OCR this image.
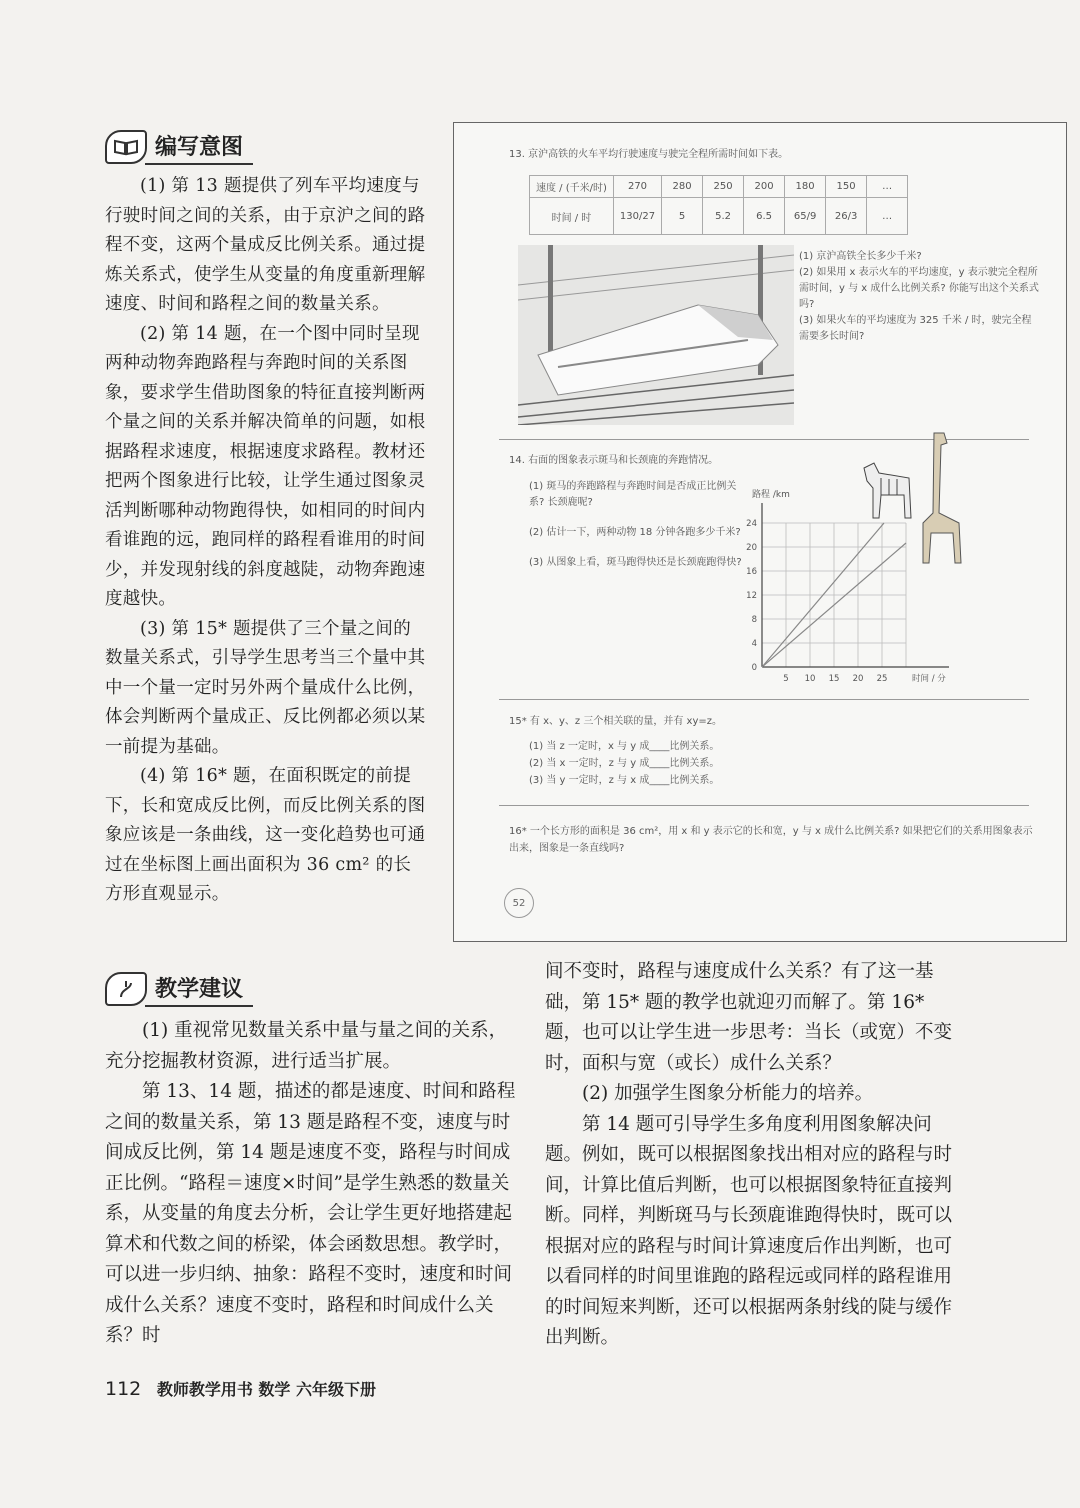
编写意图

(1) 第 13 题提供了列车平均速度与行驶时间之间的关系，由于京沪之间的路程不变，这两个量成反比例关系。通过提炼关系式，使学生从变量的角度重新理解速度、时间和路程之间的数量关系。

(2) 第 14 题，在一个图中同时呈现两种动物奔跑路程与奔跑时间的关系图象，要求学生借助图象的特征直接判断两个量之间的关系并解决简单的问题，如根据路程求速度，根据速度求路程。教材还把两个图象进行比较，让学生通过图象灵活判断哪种动物跑得快，如相同的时间内看谁跑的远，跑同样的路程看谁用的时间少，并发现射线的斜度越陡，动物奔跑速度越快。

(3) 第 15* 题提供了三个量之间的数量关系式，引导学生思考当三个量中其中一个量一定时另外两个量成什么比例，体会判断两个量成正、反比例都必须以某一前提为基础。

(4) 第 16* 题，在面积既定的前提下，长和宽成反比例，而反比例关系的图象应该是一条曲线，这一变化趋势也可通过在坐标图上画出面积为 36 cm² 的长方形直观显示。

13. 京沪高铁的火车平均行驶速度与驶完全程所需时间如下表。
速度 / (千米/时)	270	280	250	200	180	150	…
时间 / 时	130/27	5	5.2	6.5	65/9	26/3	…
(1) 京沪高铁全长多少千米?
(2) 如果用 x 表示火车的平均速度，y 表示驶完全程所需时间，y 与 x 成什么比例关系? 你能写出这个关系式吗?
(3) 如果火车的平均速度为 325 千米 / 时，驶完全程需要多长时间?
14. 右面的图象表示斑马和长颈鹿的奔跑情况。
(1) 斑马的奔跑路程与奔跑时间是否成正比例关系? 长颈鹿呢?
(2) 估计一下，两种动物 18 分钟各跑多少千米?
(3) 从图象上看，斑马跑得快还是长颈鹿跑得快?
路程 /km
24
20
16
12
8
4
0
5 10 15 20 25	时间 / 分
15* 有 x、y、z 三个相关联的量，并有 xy=z。
(1) 当 z 一定时，x 与 y 成____比例关系。
(2) 当 x 一定时，z 与 y 成____比例关系。
(3) 当 y 一定时，z 与 x 成____比例关系。
16* 一个长方形的面积是 36 cm²，用 x 和 y 表示它的长和宽，y 与 x 成什么比例关系? 如果把它们的关系用图象表示出来，图象是一条直线吗?
52
教学建议

(1) 重视常见数量关系中量与量之间的关系，充分挖掘教材资源，进行适当扩展。

第 13、14 题，描述的都是速度、时间和路程之间的数量关系，第 13 题是路程不变，速度与时间成反比例，第 14 题是速度不变，路程与时间成正比例。“路程＝速度×时间”是学生熟悉的数量关系，从变量的角度去分析，会让学生更好地搭建起算术和代数之间的桥梁，体会函数思想。教学时，可以进一步归纳、抽象：路程不变时，速度和时间成什么关系？速度不变时，路程和时间成什么关系？时

间不变时，路程与速度成什么关系？有了这一基础，第 15* 题的教学也就迎刃而解了。第 16* 题，也可以让学生进一步思考：当长（或宽）不变时，面积与宽（或长）成什么关系？

(2) 加强学生图象分析能力的培养。

第 14 题可引导学生多角度利用图象解决问题。例如，既可以根据图象找出相对应的路程与时间，计算比值后判断，也可以根据图象特征直接判断。同样，判断斑马与长颈鹿谁跑得快时，既可以根据对应的路程与时间计算速度后作出判断，也可以看同样的时间里谁跑的路程远或同样的路程谁用的时间短来判断，还可以根据两条射线的陡与缓作出判断。

112 教师教学用书 数学 六年级下册
